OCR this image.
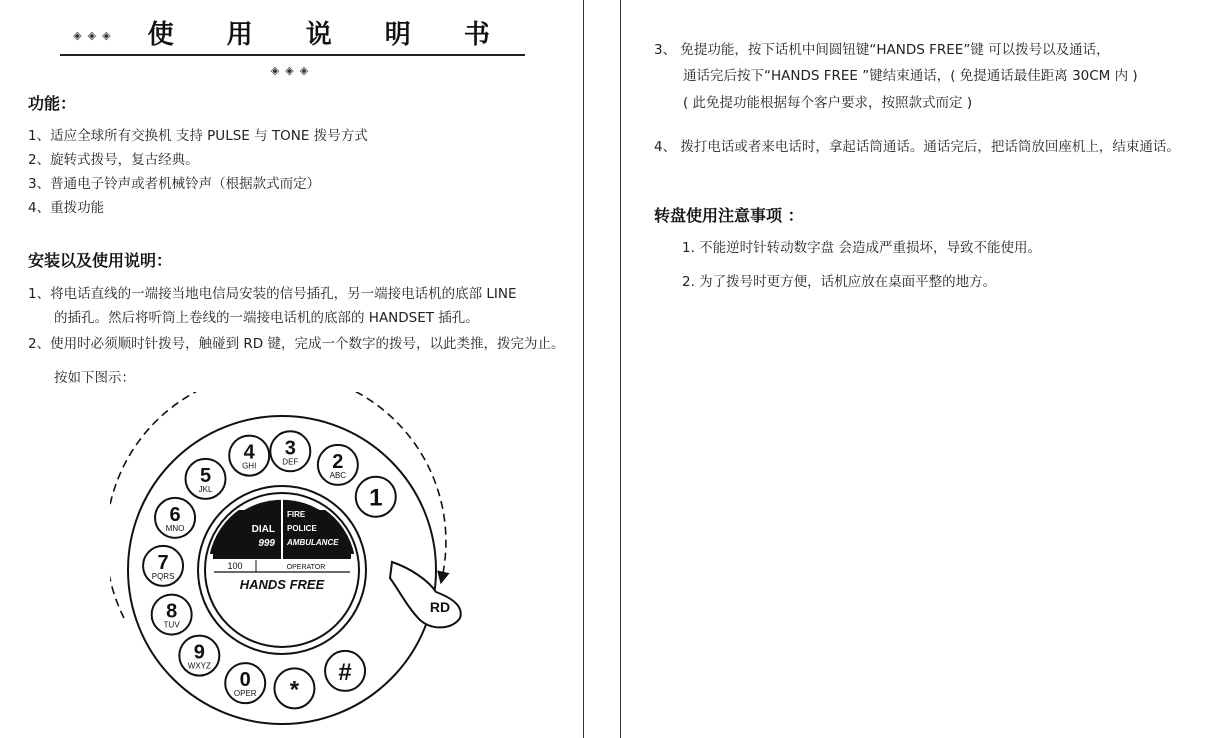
◈◈◈ 使 用 说 明 书 ◈◈◈
功能：
1、适应全球所有交换机 支持 PULSE 与 TONE 拨号方式
2、旋转式拨号，复古经典。
3、普通电子铃声或者机械铃声（根据款式而定）
4、重拨功能
安装以及使用说明：
1、将电话直线的一端接当地电信局安装的信号插孔，另一端接电话机的底部 LINE
的插孔。然后将听筒上卷线的一端接电话机的底部的 HANDSET 插孔。
2、使用时必须顺时针拨号，触碰到 RD 键，完成一个数字的拨号，以此类推，拨完为止。
按如下图示：
DIAL
999
FIRE
POLICE
AMBULANCE
100	OPERATOR
HANDS FREE
RD
1
2
ABC
3
DEF
4
GHI
5
JKL
6
MNO
7
PQRS
8
TUV
9
WXYZ
0
OPER *
#
3、 免提功能，按下话机中间圆钮键“HANDS FREE”键 可以拨号以及通话，
通话完后按下“HANDS FREE ”键结束通话，( 免提通话最佳距离 30CM 内 )
( 此免提功能根据每个客户要求，按照款式而定 )
4、 拨打电话或者来电话时，拿起话筒通话。通话完后，把话筒放回座机上，结束通话。
转盘使用注意事项 ：
1. 不能逆时针转动数字盘 会造成严重损坏，导致不能使用。
2. 为了拨号时更方便，话机应放在桌面平整的地方。
